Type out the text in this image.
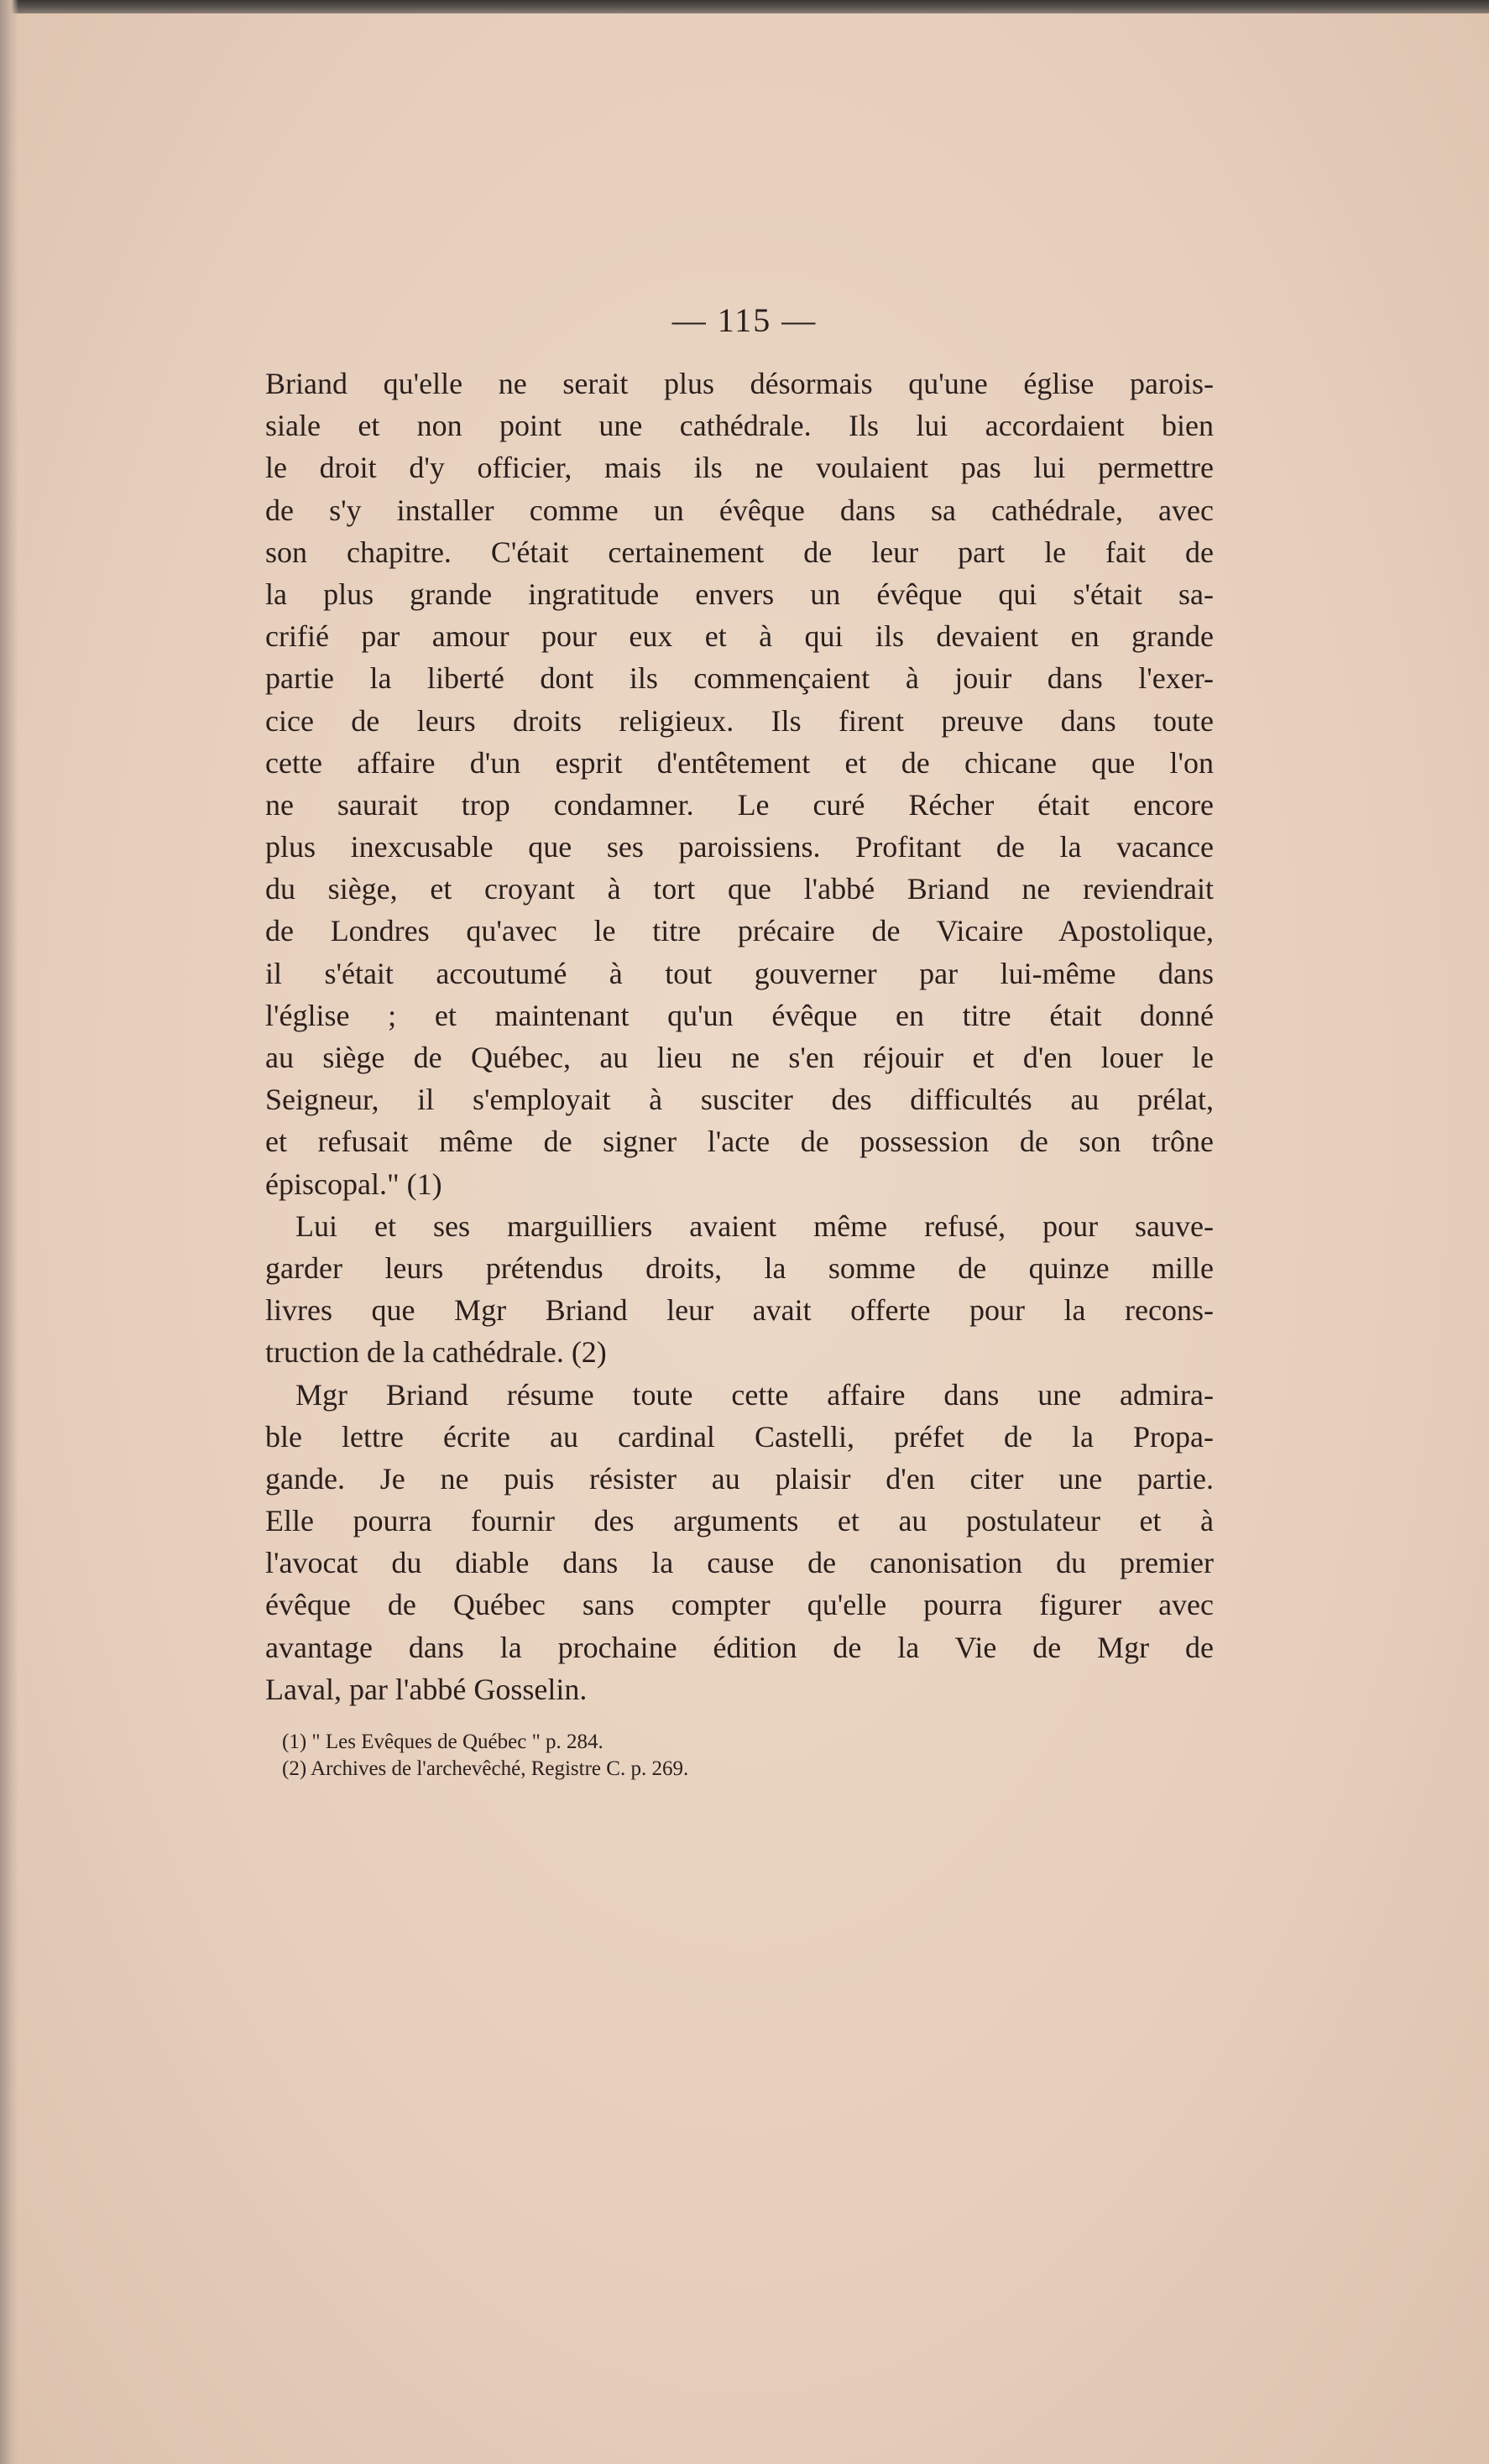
— 115 —
Briand qu'elle ne serait plus désormais qu'une église parois-
siale et non point une cathédrale. Ils lui accordaient bien
le droit d'y officier, mais ils ne voulaient pas lui permettre
de s'y installer comme un évêque dans sa cathédrale, avec
son chapitre. C'était certainement de leur part le fait de
la plus grande ingratitude envers un évêque qui s'était sa-
crifié par amour pour eux et à qui ils devaient en grande
partie la liberté dont ils commençaient à jouir dans l'exer-
cice de leurs droits religieux. Ils firent preuve dans toute
cette affaire d'un esprit d'entêtement et de chicane que l'on
ne saurait trop condamner. Le curé Récher était encore
plus inexcusable que ses paroissiens. Profitant de la vacance
du siège, et croyant à tort que l'abbé Briand ne reviendrait
de Londres qu'avec le titre précaire de Vicaire Apostolique,
il s'était accoutumé à tout gouverner par lui-même dans
l'église ; et maintenant qu'un évêque en titre était donné
au siège de Québec, au lieu ne s'en réjouir et d'en louer le
Seigneur, il s'employait à susciter des difficultés au prélat,
et refusait même de signer l'acte de possession de son trône
épiscopal." (1)
Lui et ses marguilliers avaient même refusé, pour sauve-
garder leurs prétendus droits, la somme de quinze mille
livres que Mgr Briand leur avait offerte pour la recons-
truction de la cathédrale. (2)
Mgr Briand résume toute cette affaire dans une admira-
ble lettre écrite au cardinal Castelli, préfet de la Propa-
gande. Je ne puis résister au plaisir d'en citer une partie.
Elle pourra fournir des arguments et au postulateur et à
l'avocat du diable dans la cause de canonisation du premier
évêque de Québec sans compter qu'elle pourra figurer avec
avantage dans la prochaine édition de la Vie de Mgr de
Laval, par l'abbé Gosselin.
(1) " Les Evêques de Québec " p. 284.
(2) Archives de l'archevêché, Registre C. p. 269.
